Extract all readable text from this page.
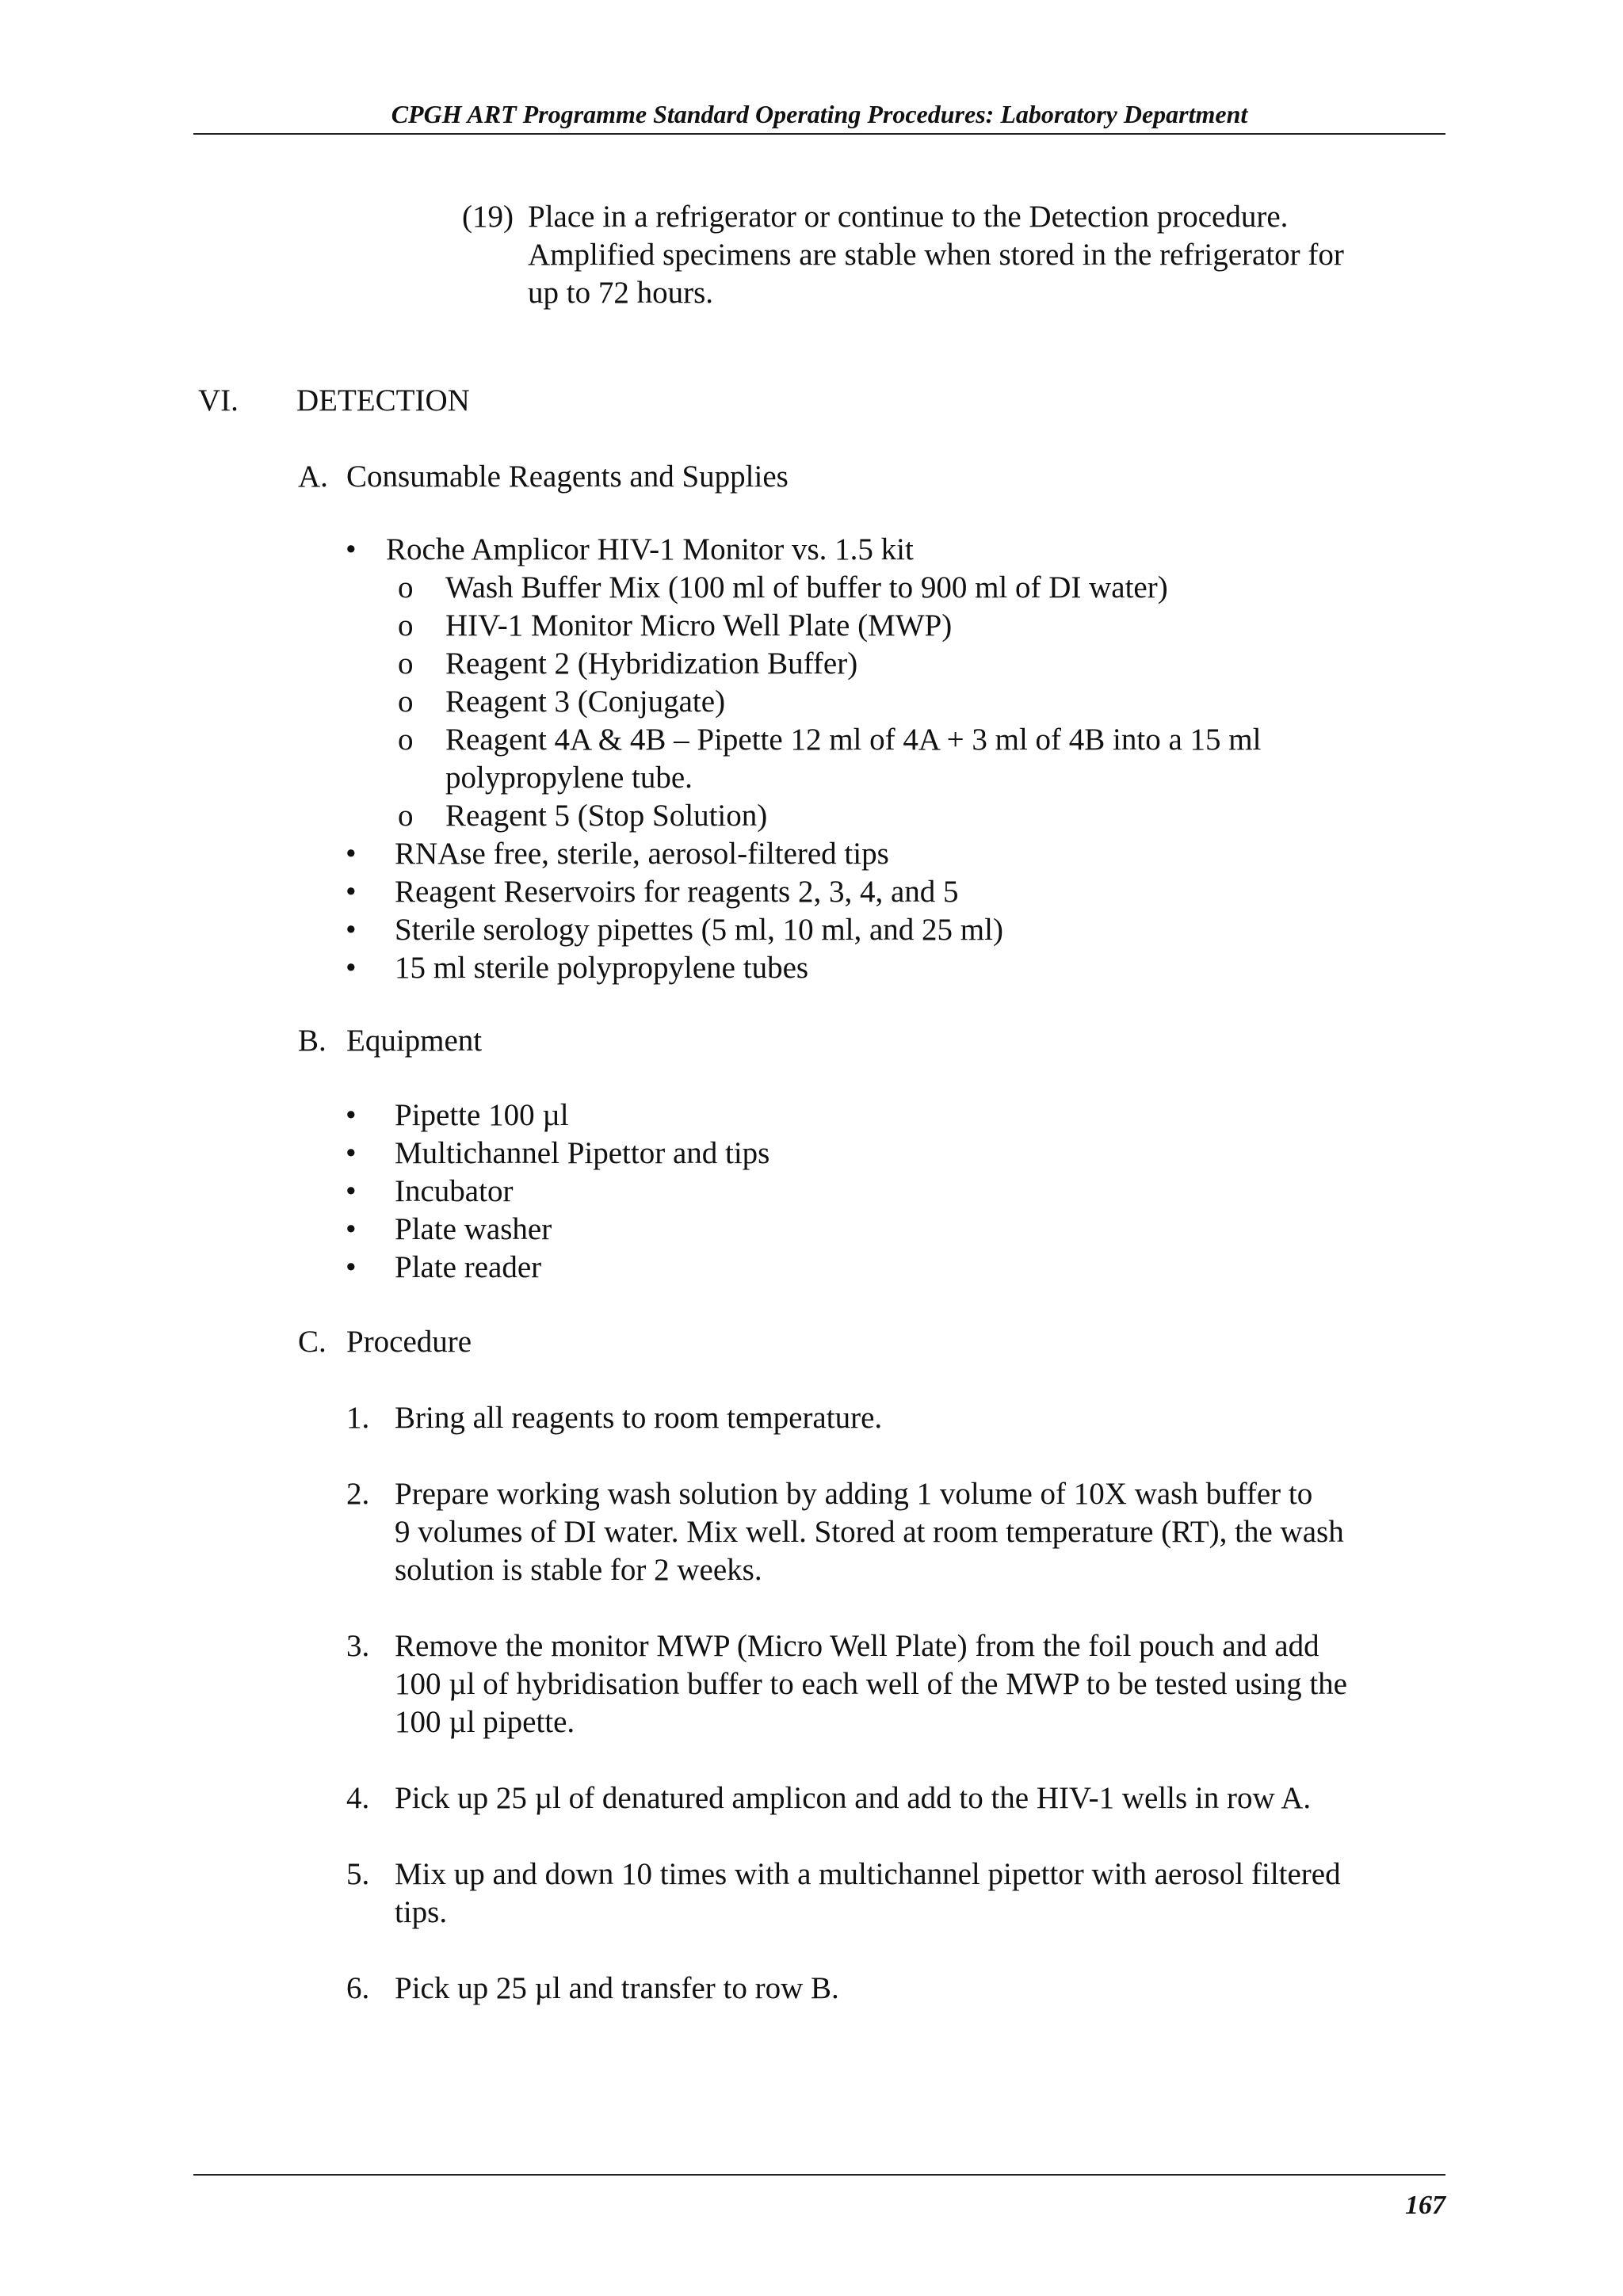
CPGH ART Programme Standard Operating Procedures: Laboratory Department
(19) Place in a refrigerator or continue to the Detection procedure.
Amplified specimens are stable when stored in the refrigerator for
up to 72 hours.
VI. DETECTION
A. Consumable Reagents and Supplies
• Roche Amplicor HIV-1 Monitor vs. 1.5 kit
o Wash Buffer Mix (100 ml of buffer to 900 ml of DI water)
o HIV-1 Monitor Micro Well Plate (MWP)
o Reagent 2 (Hybridization Buffer)
o Reagent 3 (Conjugate)
o Reagent 4A & 4B – Pipette 12 ml of 4A + 3 ml of 4B into a 15 ml
polypropylene tube.
o Reagent 5 (Stop Solution)
• RNAse free, sterile, aerosol-filtered tips
• Reagent Reservoirs for reagents 2, 3, 4, and 5
• Sterile serology pipettes (5 ml, 10 ml, and 25 ml)
• 15 ml sterile polypropylene tubes
B. Equipment
• Pipette 100 µl
• Multichannel Pipettor and tips
• Incubator
• Plate washer
• Plate reader
C. Procedure
1. Bring all reagents to room temperature.
2. Prepare working wash solution by adding 1 volume of 10X wash buffer to
9 volumes of DI water. Mix well. Stored at room temperature (RT), the wash
solution is stable for 2 weeks.
3. Remove the monitor MWP (Micro Well Plate) from the foil pouch and add
100 µl of hybridisation buffer to each well of the MWP to be tested using the
100 µl pipette.
4. Pick up 25 µl of denatured amplicon and add to the HIV-1 wells in row A.
5. Mix up and down 10 times with a multichannel pipettor with aerosol filtered
tips.
6. Pick up 25 µl and transfer to row B.
167
